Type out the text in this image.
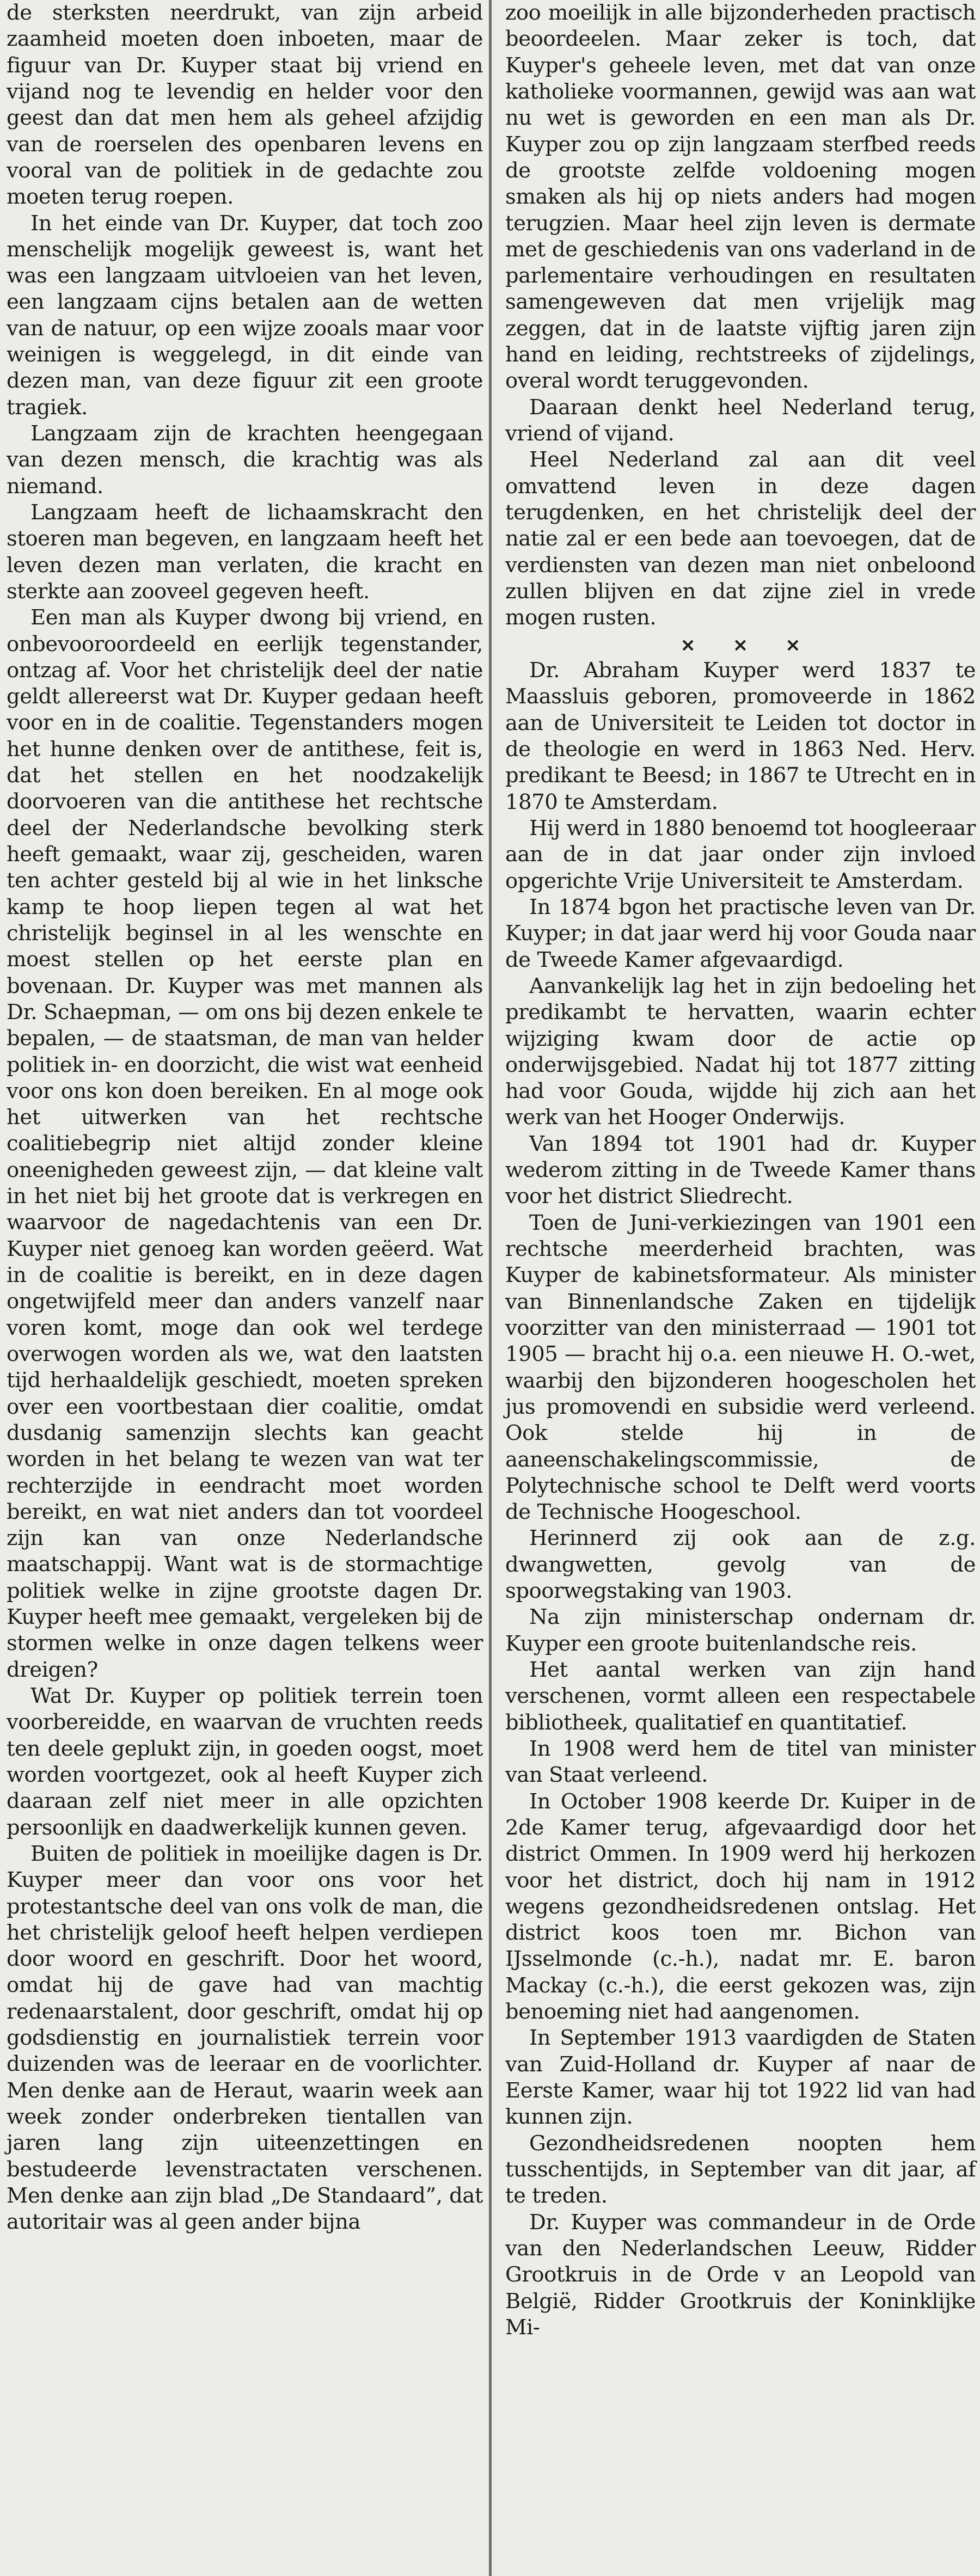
de sterksten neerdrukt, van zijn arbeid zaamheid moeten doen inboeten, maar de figuur van Dr. Kuyper staat bij vriend en vijand nog te levendig en helder voor den geest dan dat men hem als geheel afzijdig van de roerselen des openbaren levens en vooral van de politiek in de gedachte zou moeten terug roepen.

In het einde van Dr. Kuyper, dat toch zoo menschelijk mogelijk geweest is, want het was een langzaam uitvloeien van het leven, een langzaam cijns betalen aan de wetten van de natuur, op een wijze zooals maar voor weinigen is weggelegd, in dit einde van dezen man, van deze figuur zit een groote tragiek.

Langzaam zijn de krachten heengegaan van dezen mensch, die krachtig was als niemand.

Langzaam heeft de lichaamskracht den stoeren man begeven, en langzaam heeft het leven dezen man verlaten, die kracht en sterkte aan zooveel gegeven heeft.

Een man als Kuyper dwong bij vriend, en onbevooroordeeld en eerlijk tegenstander, ontzag af. Voor het christelijk deel der natie geldt allereerst wat Dr. Kuyper gedaan heeft voor en in de coalitie. Tegenstanders mogen het hunne denken over de antithese, feit is, dat het stellen en het noodzakelijk doorvoeren van die antithese het rechtsche deel der Nederlandsche bevolking sterk heeft gemaakt, waar zij, gescheiden, waren ten achter gesteld bij al wie in het linksche kamp te hoop liepen tegen al wat het christelijk beginsel in al les wenschte en moest stellen op het eerste plan en bovenaan. Dr. Kuyper was met mannen als Dr. Schaepman, — om ons bij dezen enkele te bepalen, — de staatsman, de man van helder politiek in- en doorzicht, die wist wat eenheid voor ons kon doen bereiken. En al moge ook het uitwerken van het rechtsche coalitiebegrip niet altijd zonder kleine oneenigheden geweest zijn, — dat kleine valt in het niet bij het groote dat is verkregen en waarvoor de nagedachtenis van een Dr. Kuyper niet genoeg kan worden geëerd. Wat in de coalitie is bereikt, en in deze dagen ongetwijfeld meer dan anders vanzelf naar voren komt, moge dan ook wel terdege overwogen worden als we, wat den laatsten tijd herhaaldelijk geschiedt, moeten spreken over een voortbestaan dier coalitie, omdat dusdanig samenzijn slechts kan geacht worden in het belang te wezen van wat ter rechterzijde in eendracht moet worden bereikt, en wat niet anders dan tot voordeel zijn kan van onze Nederlandsche maatschappij. Want wat is de stormachtige politiek welke in zijne grootste dagen Dr. Kuyper heeft mee gemaakt, vergeleken bij de stormen welke in onze dagen telkens weer dreigen?

Wat Dr. Kuyper op politiek terrein toen voorbereidde, en waarvan de vruchten reeds ten deele geplukt zijn, in goeden oogst, moet worden voortgezet, ook al heeft Kuyper zich daaraan zelf niet meer in alle opzichten persoonlijk en daadwerkelijk kunnen geven.

Buiten de politiek in moeilijke dagen is Dr. Kuyper meer dan voor ons voor het protestantsche deel van ons volk de man, die het christelijk geloof heeft helpen verdiepen door woord en geschrift. Door het woord, omdat hij de gave had van machtig redenaarstalent, door geschrift, omdat hij op godsdienstig en journalistiek terrein voor duizenden was de leeraar en de voorlichter. Men denke aan de Heraut, waarin week aan week zonder onderbreken tientallen van jaren lang zijn uiteenzettingen en bestudeerde levenstractaten verschenen. Men denke aan zijn blad „De Standaard”, dat autoritair was al geen ander bijna

zoo moeilijk in alle bijzonderheden practisch beoordeelen. Maar zeker is toch, dat Kuyper's geheele leven, met dat van onze katholieke voormannen, gewijd was aan wat nu wet is geworden en een man als Dr. Kuyper zou op zijn langzaam sterfbed reeds de grootste zelfde voldoening mogen smaken als hij op niets anders had mogen terugzien. Maar heel zijn leven is dermate met de geschiedenis van ons vaderland in de parlementaire verhoudingen en resultaten samengeweven dat men vrijelijk mag zeggen, dat in de laatste vijftig jaren zijn hand en leiding, rechtstreeks of zijdelings, overal wordt teruggevonden.

Daaraan denkt heel Nederland terug, vriend of vijand.

Heel Nederland zal aan dit veel omvattend leven in deze dagen terugdenken, en het christelijk deel der natie zal er een bede aan toevoegen, dat de verdiensten van dezen man niet onbeloond zullen blijven en dat zijne ziel in vrede mogen rusten.

× × ×

Dr. Abraham Kuyper werd 1837 te Maassluis geboren, promoveerde in 1862 aan de Universiteit te Leiden tot doctor in de theologie en werd in 1863 Ned. Herv. predikant te Beesd; in 1867 te Utrecht en in 1870 te Amsterdam.

Hij werd in 1880 benoemd tot hoogleeraar aan de in dat jaar onder zijn invloed opgerichte Vrije Universiteit te Amsterdam.

In 1874 bgon het practische leven van Dr. Kuyper; in dat jaar werd hij voor Gouda naar de Tweede Kamer afgevaardigd.

Aanvankelijk lag het in zijn bedoeling het predikambt te hervatten, waarin echter wijziging kwam door de actie op onderwijsgebied. Nadat hij tot 1877 zitting had voor Gouda, wijdde hij zich aan het werk van het Hooger Onderwijs.

Van 1894 tot 1901 had dr. Kuyper wederom zitting in de Tweede Kamer thans voor het district Sliedrecht.

Toen de Juni-verkiezingen van 1901 een rechtsche meerderheid brachten, was Kuyper de kabinetsformateur. Als minister van Binnenlandsche Zaken en tijdelijk voorzitter van den ministerraad — 1901 tot 1905 — bracht hij o.a. een nieuwe H. O.-wet, waarbij den bijzonderen hoogescholen het jus promovendi en subsidie werd verleend. Ook stelde hij in de aaneenschakelingscommissie, de Polytechnische school te Delft werd voorts de Technische Hoogeschool.

Herinnerd zij ook aan de z.g. dwangwetten, gevolg van de spoorwegstaking van 1903.

Na zijn ministerschap ondernam dr. Kuyper een groote buitenlandsche reis.

Het aantal werken van zijn hand verschenen, vormt alleen een respectabele bibliotheek, qualitatief en quantitatief.

In 1908 werd hem de titel van minister van Staat verleend.

In October 1908 keerde Dr. Kuiper in de 2de Kamer terug, afgevaardigd door het district Ommen. In 1909 werd hij herkozen voor het district, doch hij nam in 1912 wegens gezondheidsredenen ontslag. Het district koos toen mr. Bichon van IJsselmonde (c.-h.), nadat mr. E. baron Mackay (c.-h.), die eerst gekozen was, zijn benoeming niet had aangenomen.

In September 1913 vaardigden de Staten van Zuid-Holland dr. Kuyper af naar de Eerste Kamer, waar hij tot 1922 lid van had kunnen zijn.

Gezondheidsredenen noopten hem tusschentijds, in September van dit jaar, af te treden.

Dr. Kuyper was commandeur in de Orde van den Nederlandschen Leeuw, Ridder Grootkruis in de Orde v an Leopold van België, Ridder Grootkruis der Koninklijke Mi-
